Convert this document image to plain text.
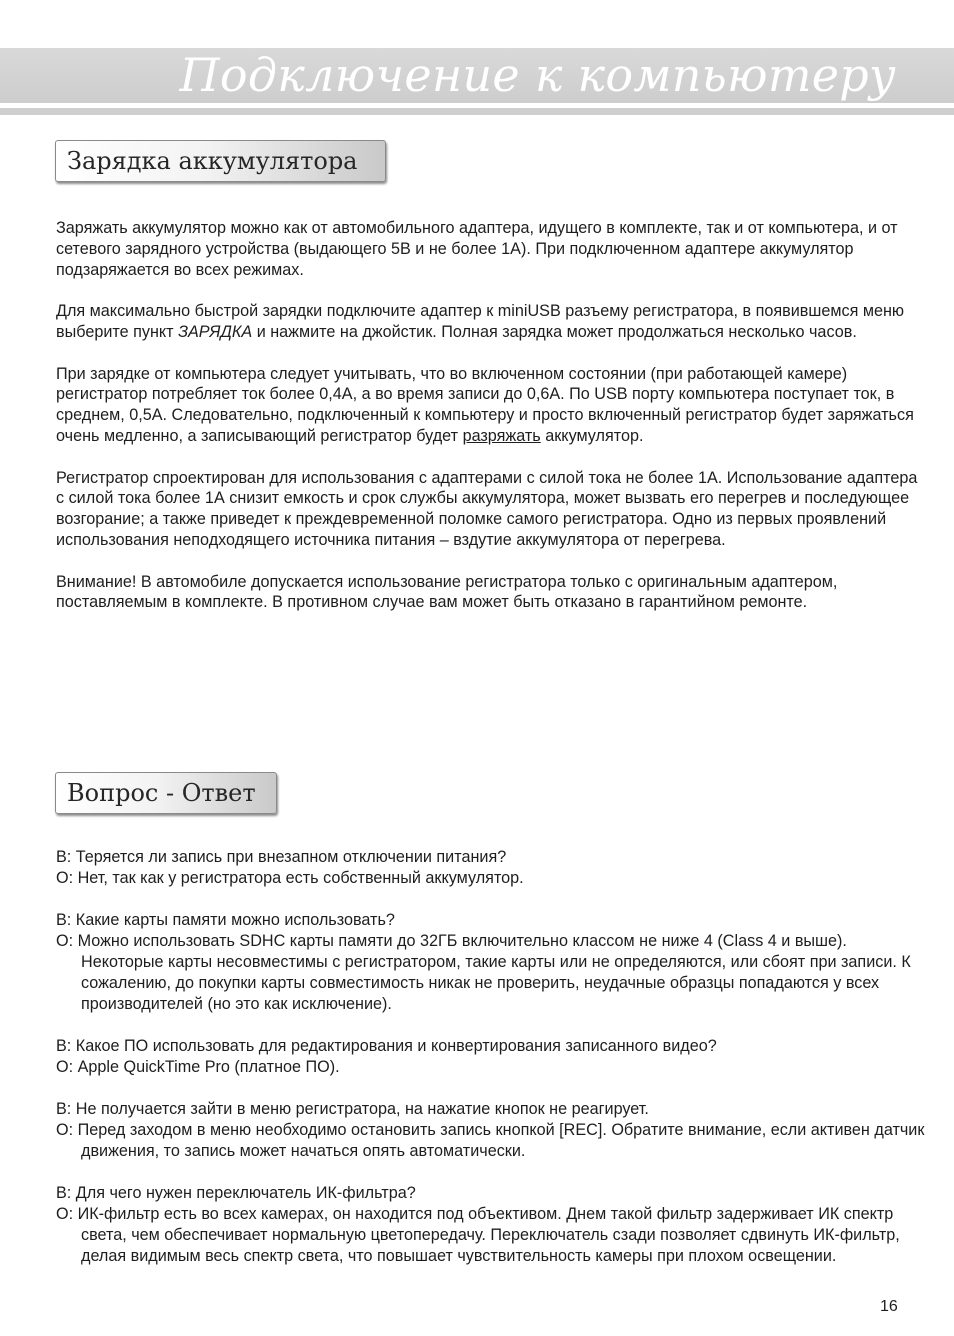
Подключение к компьютеру
Зарядка аккумулятора

Заряжать аккумулятор можно как от автомобильного адаптера, идущего в комплекте, так и от компьютера, и от сетевого зарядного устройства (выдающего 5В и не более 1А). При подключенном адаптере аккумулятор подзаряжается во всех режимах.

Для максимально быстрой зарядки подключите адаптер к miniUSB разъему регистратора, в появившемся меню выберите пункт ЗАРЯДКА и нажмите на джойстик. Полная зарядка может продолжаться несколько часов.

При зарядке от компьютера следует учитывать, что во включенном состоянии (при работающей камере) регистратор потребляет ток более 0,4А, а во время записи до 0,6А. По USB порту компьютера поступает ток, в среднем, 0,5А. Следовательно, подключенный к компьютеру и просто включенный регистратор будет заряжаться очень медленно, а записывающий регистратор будет разряжать аккумулятор.

Регистратор спроектирован для использования с адаптерами с силой тока не более 1А. Использование адаптера с силой тока более 1А снизит емкость и срок службы аккумулятора, может вызвать его перегрев и последующее возгорание; а также приведет к преждевременной поломке самого регистратора. Одно из первых проявлений использования неподходящего источника питания – вздутие аккумулятора от перегрева.

Внимание! В автомобиле допускается использование регистратора только с оригинальным адаптером, поставляемым в комплекте. В противном случае вам может быть отказано в гарантийном ремонте.

Вопрос - Ответ

В: Теряется ли запись при внезапном отключении питания?

О: Нет, так как у регистратора есть собственный аккумулятор.

В: Какие карты памяти можно использовать?

О: Можно использовать SDHC карты памяти до 32ГБ включительно классом не ниже 4 (Class 4 и выше). Некоторые карты несовместимы с регистратором, такие карты или не определяются, или сбоят при записи. К сожалению, до покупки карты совместимость никак не проверить, неудачные образцы попадаются у всех производителей (но это как исключение).

В: Какое ПО использовать для редактирования и конвертирования записанного видео?

О: Apple QuickTime Pro (платное ПО).

В: Не получается зайти в меню регистратора, на нажатие кнопок не реагирует.

О: Перед заходом в меню необходимо остановить запись кнопкой [REC]. Обратите внимание, если активен датчик движения, то запись может начаться опять автоматически.

В: Для чего нужен переключатель ИК-фильтра?

О: ИК-фильтр есть во всех камерах, он находится под объективом. Днем такой фильтр задерживает ИК спектр света, чем обеспечивает нормальную цветопередачу. Переключатель сзади позволяет сдвинуть ИК-фильтр, делая видимым весь спектр света, что повышает чувствительность камеры при плохом освещении.

16
